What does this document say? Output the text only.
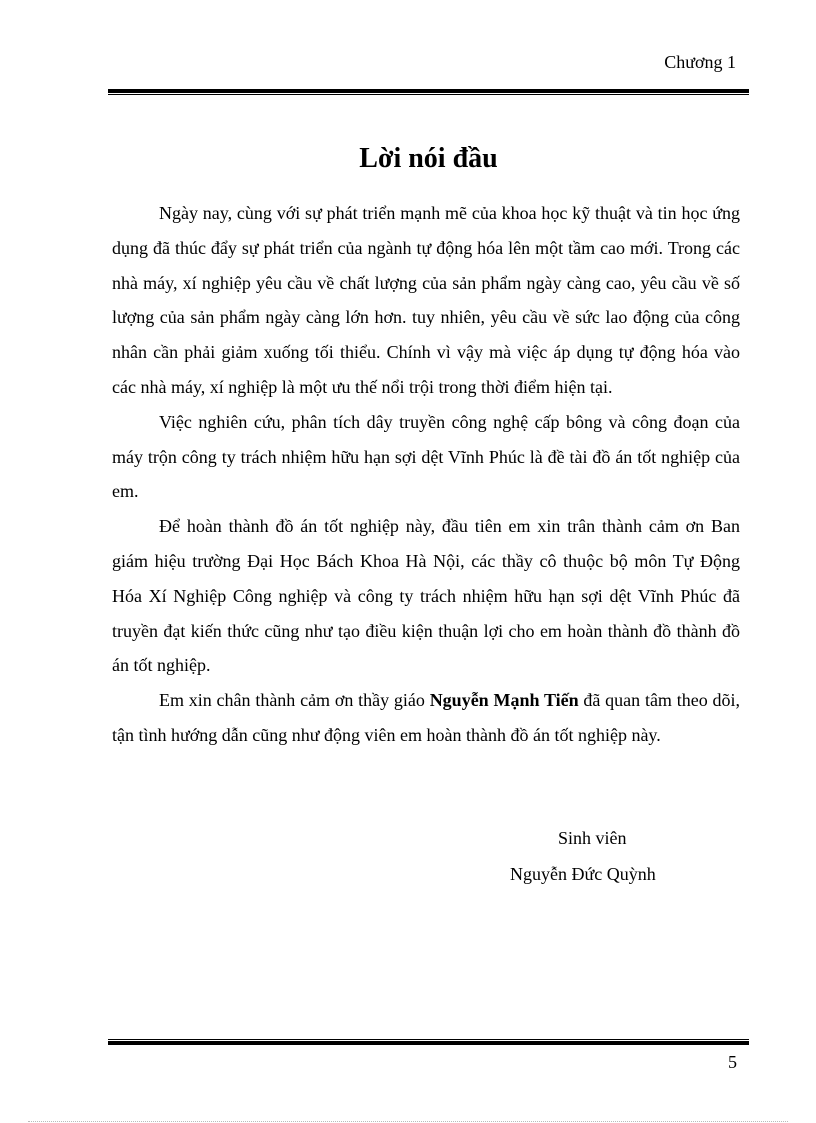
Chương 1
Lời nói đầu

Ngày nay, cùng với sự phát triển mạnh mẽ của khoa học kỹ thuật và tin học ứng dụng đã thúc đẩy sự phát triển của ngành tự động hóa lên một tầm cao mới. Trong các nhà máy, xí nghiệp yêu cầu về chất lượng của sản phẩm ngày càng cao, yêu cầu về số lượng của sản phẩm ngày càng lớn hơn. tuy nhiên, yêu cầu về sức lao động của công nhân cần phải giảm xuống tối thiểu. Chính vì vậy mà việc áp dụng tự động hóa vào các nhà máy, xí nghiệp là một ưu thế nổi trội trong thời điểm hiện tại.

Việc nghiên cứu, phân tích dây truyền công nghệ cấp bông và công đoạn của máy trộn công ty trách nhiệm hữu hạn sợi dệt Vĩnh Phúc là đề tài đồ án tốt nghiệp của em.

Để hoàn thành đồ án tốt nghiệp này, đầu tiên em xin trân thành cảm ơn Ban giám hiệu trường Đại Học Bách Khoa Hà Nội, các thầy cô thuộc bộ môn Tự Động Hóa Xí Nghiệp Công nghiệp và công ty trách nhiệm hữu hạn sợi dệt Vĩnh Phúc đã truyền đạt kiến thức cũng như tạo điều kiện thuận lợi cho em hoàn thành đồ thành đồ án tốt nghiệp.

Em xin chân thành cảm ơn thầy giáo Nguyễn Mạnh Tiến đã quan tâm theo dõi, tận tình hướng dẫn cũng như động viên em hoàn thành đồ án tốt nghiệp này.

Sinh viên
Nguyễn Đức Quỳnh
5
